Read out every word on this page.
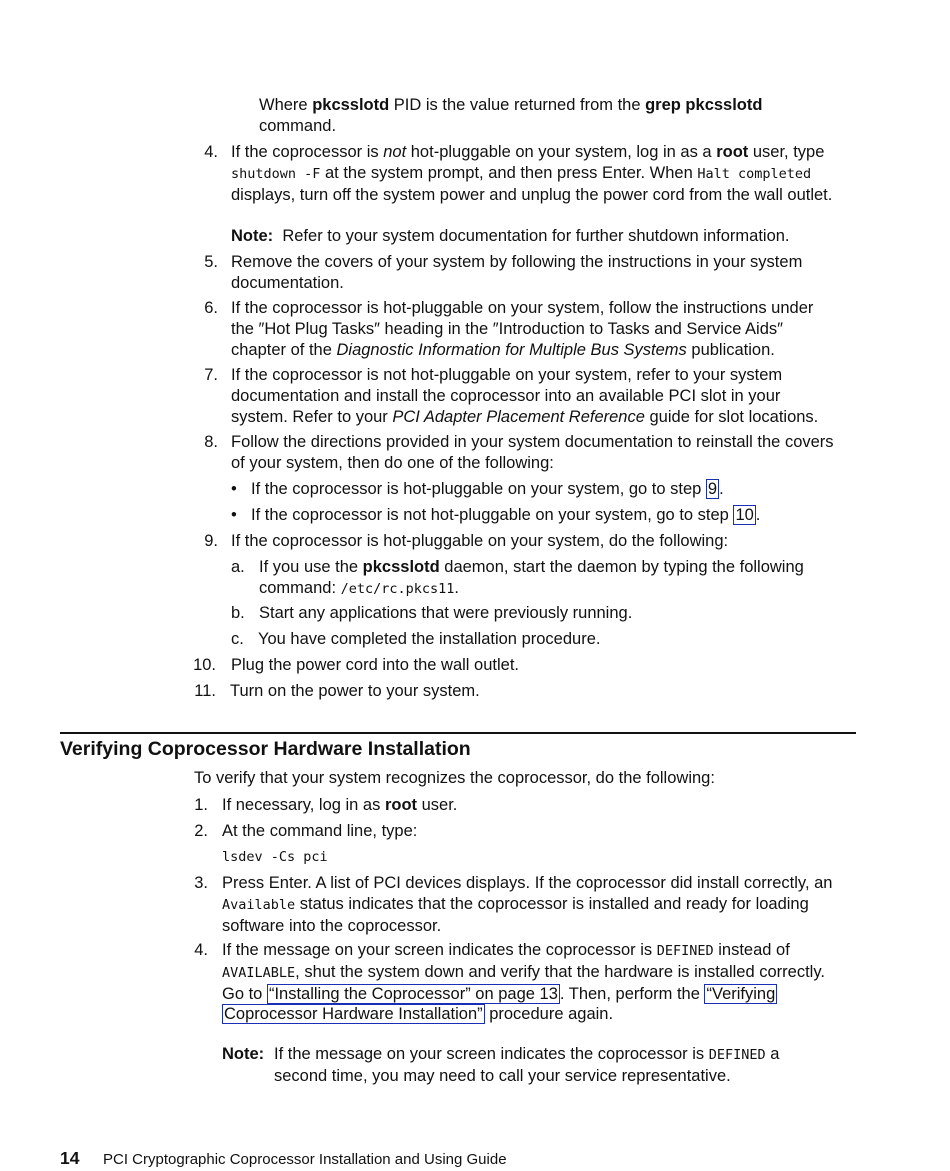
Where pkcsslotd PID is the value returned from the grep pkcsslotd
command.
4. If the coprocessor is not hot-pluggable on your system, log in as a root user, type
shutdown -F at the system prompt, and then press Enter. When Halt completed
displays, turn off the system power and unplug the power cord from the wall outlet.
Note: Refer to your system documentation for further shutdown information.
5. Remove the covers of your system by following the instructions in your system
documentation.
6. If the coprocessor is hot-pluggable on your system, follow the instructions under
the ″Hot Plug Tasks″ heading in the ″Introduction to Tasks and Service Aids″
chapter of the Diagnostic Information for Multiple Bus Systems publication.
7. If the coprocessor is not hot-pluggable on your system, refer to your system
documentation and install the coprocessor into an available PCI slot in your
system. Refer to your PCI Adapter Placement Reference guide for slot locations.
8. Follow the directions provided in your system documentation to reinstall the covers
of your system, then do one of the following:
• If the coprocessor is hot-pluggable on your system, go to step 9 .
• If the coprocessor is not hot-pluggable on your system, go to step 10 .
9. If the coprocessor is hot-pluggable on your system, do the following:
a. If you use the pkcsslotd daemon, start the daemon by typing the following
command: /etc/rc.pkcs11.
b. Start any applications that were previously running.
c. You have completed the installation procedure.
10. Plug the power cord into the wall outlet.
11. Turn on the power to your system.
Verifying Coprocessor Hardware Installation
To verify that your system recognizes the coprocessor, do the following:
1. If necessary, log in as root user.
2. At the command line, type:
lsdev -Cs pci
3. Press Enter. A list of PCI devices displays. If the coprocessor did install correctly, an
Available status indicates that the coprocessor is installed and ready for loading
software into the coprocessor.
4. If the message on your screen indicates the coprocessor is DEFINED instead of
AVAILABLE, shut the system down and verify that the hardware is installed correctly.
Go to “Installing the Coprocessor” on page 13 . Then, perform the “Verifying
Coprocessor Hardware Installation” procedure again.
Note: If the message on your screen indicates the coprocessor is DEFINED a
second time, you may need to call your service representative.
14 PCI Cryptographic Coprocessor Installation and Using Guide
